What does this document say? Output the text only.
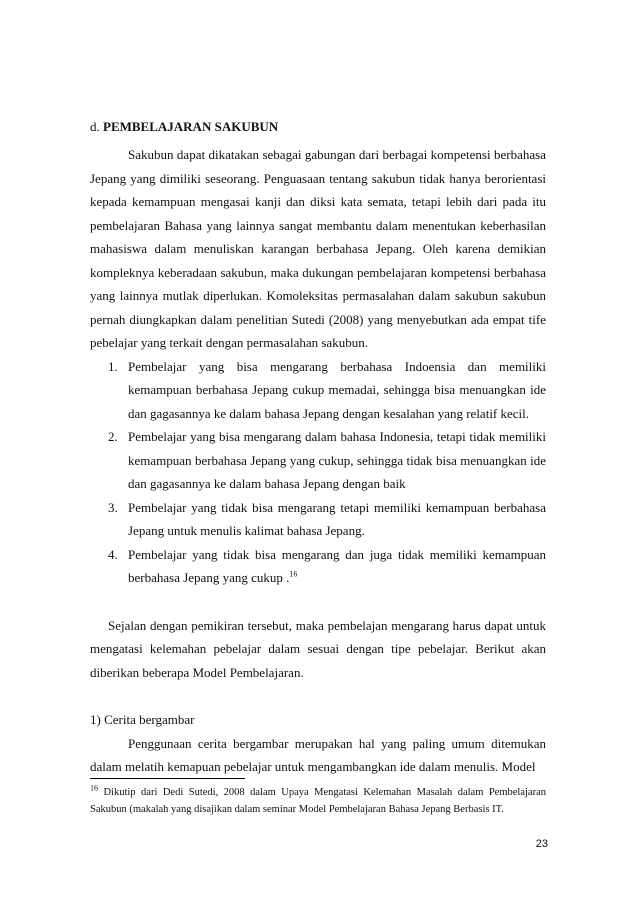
d. PEMBELAJARAN SAKUBUN

Sakubun dapat dikatakan sebagai gabungan dari berbagai kompetensi berbahasa Jepang yang dimiliki seseorang. Penguasaan tentang sakubun tidak hanya berorientasi kepada kemampuan mengasai kanji dan diksi kata semata, tetapi lebih dari pada itu pembelajaran Bahasa yang lainnya sangat membantu dalam menentukan keberhasilan mahasiswa dalam menuliskan karangan berbahasa Jepang. Oleh karena demikian kompleknya keberadaan sakubun, maka dukungan pembelajaran kompetensi berbahasa yang lainnya mutlak diperlukan. Komoleksitas permasalahan dalam sakubun sakubun pernah diungkapkan dalam penelitian Sutedi (2008) yang menyebutkan ada empat tife pebelajar yang terkait dengan permasalahan sakubun.

1. Pembelajar yang bisa mengarang berbahasa Indoensia dan memiliki kemampuan berbahasa Jepang cukup memadai, sehingga bisa menuangkan ide dan gagasannya ke dalam bahasa Jepang dengan kesalahan yang relatif kecil.
2. Pembelajar yang bisa mengarang dalam bahasa Indonesia, tetapi tidak memiliki kemampuan berbahasa Jepang yang cukup, sehingga tidak bisa menuangkan ide dan gagasannya ke dalam bahasa Jepang dengan baik
3. Pembelajar yang tidak bisa mengarang tetapi memiliki kemampuan berbahasa Jepang untuk menulis kalimat bahasa Jepang.
4. Pembelajar yang tidak bisa mengarang dan juga tidak memiliki kemampuan berbahasa Jepang yang cukup .$^{16}$

Sejalan dengan pemikiran tersebut, maka pembelajan mengarang harus dapat untuk mengatasi kelemahan pebelajar dalam sesuai dengan tipe pebelajar. Berikut akan diberikan beberapa Model Pembelajaran.

1) Cerita bergambar

Penggunaan cerita bergambar merupakan hal yang paling umum ditemukan dalam melatih kemapuan pebelajar untuk mengambangkan ide dalam menulis. Model

$^{16}$ Dikutip dari Dedi Sutedi, 2008 dalam Upaya Mengatasi Kelemahan Masalah dalam Pembelajaran Sakubun (makalah yang disajikan dalam seminar Model Pembelajaran Bahasa Jepang Berbasis IT.
23
